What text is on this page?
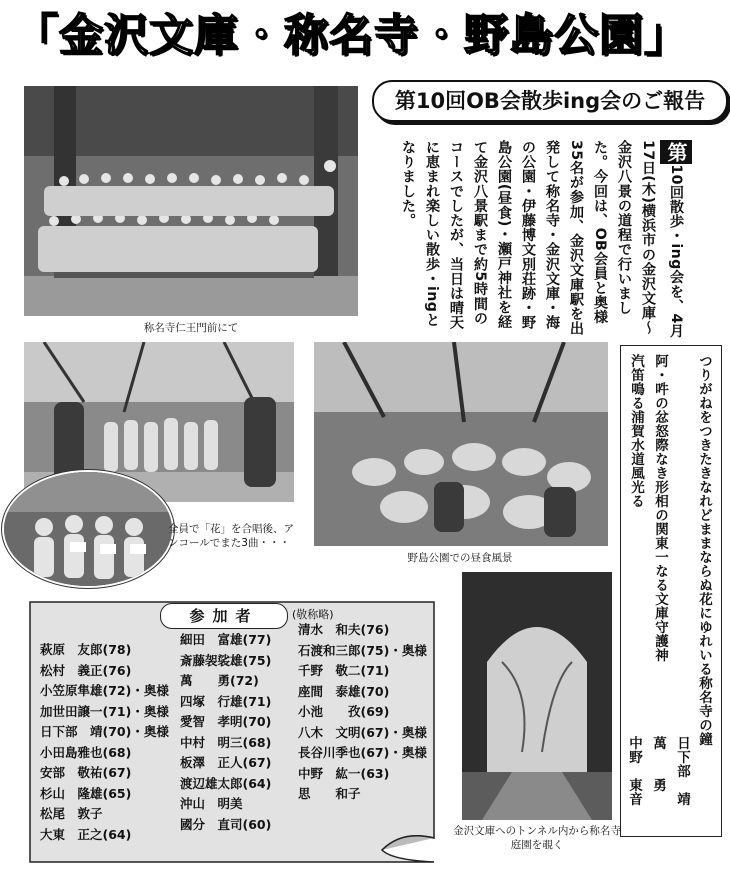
「金沢文庫・称名寺・野島公園」
第10回OB会散歩ing会のご報告
称名寺仁王門前にて
第10回散歩・ing会を、4月17日(木)横浜市の金沢文庫～金沢八景の道程で行いました。今回は、OB会員と奥様35名が参加、金沢文庫駅を出発して称名寺・金沢文庫・海の公園・伊藤博文別荘跡・野島公園(昼食)・瀬戸神社を経て金沢八景駅まで約5時間のコースでしたが、当日は晴天に恵まれ楽しい散歩・ingとなりました。
全員で「花」を合唱後、アンコールでまた3曲・・・
野島公園での昼食風景	つりがねをつきたきなれどままならぬ花にゆれいる称名寺の鐘
日下部　靖
阿・吽の忿怒際なき形相の関東一なる文庫守護神
萬　　勇
汽笛鳴る浦賀水道風光る
中野　東音
金沢文庫へのトンネル内から称名寺庭園を覗く
参加者	(敬称略)
萩原　友郎(78)
松村　義正(76)
小笠原隼雄(72)・奥様
加世田譲一(71)・奥様
日下部　靖(70)・奥様
小田島雅也(68)
安部　敬祐(67)
杉山　隆雄(65)
松尾　敦子
大東　正之(64)
細田　富雄(77)
斎藤袈裟雄(75)
萬　　勇(72)
四塚　行雄(71)
愛智　孝明(70)
中村　明三(68)
板澤　正人(67)
渡辺雄太郎(64)
沖山　明美
國分　直司(60)
清水　和夫(76)
石渡和三郎(75)・奥様
千野　敬二(71)
座間　泰雄(70)
小池　　孜(69)
八木　文明(67)・奥様
長谷川季也(67)・奥様
中野　紘一(63)
思　　和子
